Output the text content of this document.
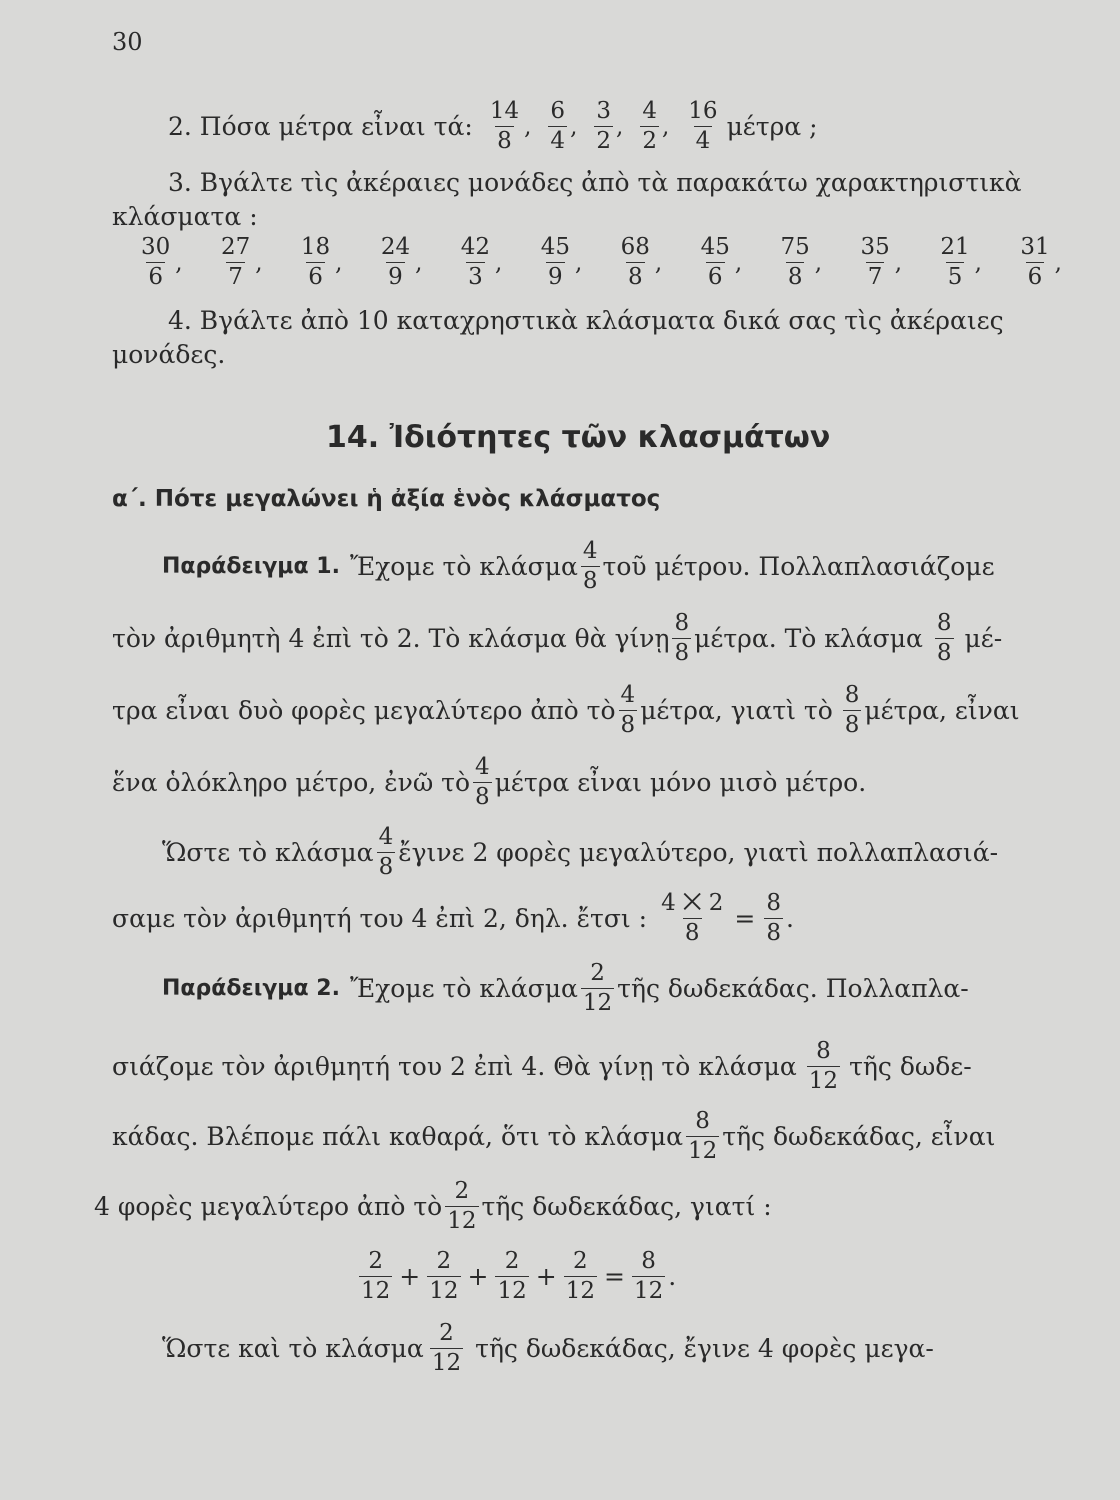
30
2. Πόσα μέτρα εἶναι τά: $\frac{14}{8}$ , $\frac{6}{4}$ , $\frac{3}{2}$ , $\frac{4}{2}$ , $\frac{16}{4}$ μέτρα ;
3. Βγάλτε τὶς ἀκέραιες μονάδες ἀπὸ τὰ παρακάτω χαρακτηριστικὰ
κλάσματα :
$\frac{30}{6}$ , $\frac{27}{7}$ , $\frac{18}{6}$ , $\frac{24}{9}$ , $\frac{42}{3}$ , $\frac{45}{9}$ , $\frac{68}{8}$ , $\frac{45}{6}$ , $\frac{75}{8}$ , $\frac{35}{7}$ , $\frac{21}{5}$ , $\frac{31}{6}$ ,
4. Βγάλτε ἀπὸ 10 καταχρηστικὰ κλάσματα δικά σας τὶς ἀκέραιες
μονάδες.
14. Ἰδιότητες τῶν κλασμάτων
α΄. Πότε μεγαλώνει ἡ ἀξία ἑνὸς κλάσματος
Παράδειγμα 1. Ἔχομε τὸ κλάσμα $\frac{4}{8}$ τοῦ μέτρου. Πολλαπλασιάζομε
τὸν ἀριθμητὴ 4 ἐπὶ τὸ 2. Τὸ κλάσμα θὰ γίνῃ $\frac{8}{8} \mu έ\tau\rho\alpha$. Τὸ κλάσμα $\frac{8}{8} \mu έ-$
τρα εἶναι δυὸ φορὲς μεγαλύτερο ἀπὸ τὸ $\frac{4}{8} \mu έ\tau\rho\alpha$, γιατὶ τὸ $\frac{8}{8} \mu έ\tau\rho\alpha$, εἶναι
ἕνα ὁλόκληρο μέτρο, ἐνῶ τὸ $\frac{4}{8}$ μέτρα εἶναι μόνο μισὸ μέτρο.
Ὥστε τὸ κλάσμα $\frac{4}{8}$ ἔγινε 2 φορὲς μεγαλύτερο, γιατὶ πολλαπλασιά-
σαμε τὸν ἀριθμητή του 4 ἐπὶ 2, δηλ. ἔτσι : $\frac{4 ⨉ 2}{8} = \frac{8}{8}$ .
Παράδειγμα 2. Ἔχομε τὸ κλάσμα $\frac{2}{12}$ τῆς δωδεκάδας. Πολλαπλα-
σιάζομε τὸν ἀριθμητή του 2 ἐπὶ 4. Θὰ γίνῃ τὸ κλάσμα $\frac{8}{12}$ τῆς δωδε-
κάδας. Βλέπομε πάλι καθαρά, ὅτι τὸ κλάσμα $\frac{8}{12}$ τῆς δωδεκάδας, εἶναι
4 φορὲς μεγαλύτερο ἀπὸ τὸ $\frac{2}{12}$ τῆς δωδεκάδας, γιατί :
$\frac{2}{12} + \frac{2}{12} + \frac{2}{12} + \frac{2}{12} = \frac{8}{12}$ .
Ὥστε καὶ τὸ κλάσμα $\frac{2}{12}$ τῆς δωδεκάδας, ἔγινε 4 φορὲς μεγα-
